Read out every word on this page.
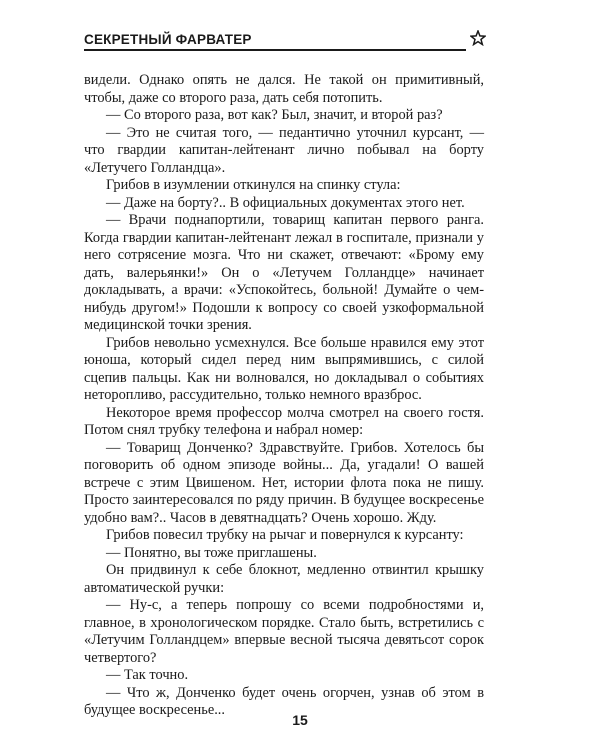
СЕКРЕТНЫЙ ФАРВАТЕР

видели. Однако опять не дался. Не такой он примитивный, чтобы, даже со второго раза, дать себя потопить.

— Со второго раза, вот как? Был, значит, и второй раз?

— Это не считая того, — педантично уточнил курсант, — что гвардии капитан-лейтенант лично побывал на борту «Летучего Голландца».

Грибов в изумлении откинулся на спинку стула:

— Даже на борту?.. В официальных документах этого нет.

— Врачи поднапортили, товарищ капитан первого ранга. Когда гвардии капитан-лейтенант лежал в госпитале, признали у него сотрясение мозга. Что ни скажет, отвечают: «Брому ему дать, валерьянки!» Он о «Летучем Голландце» начинает докладывать, а врачи: «Успокойтесь, больной! Думайте о чем-нибудь другом!» Подошли к вопросу со своей узкоформальной медицинской точки зрения.

Грибов невольно усмехнулся. Все больше нравился ему этот юноша, который сидел перед ним выпрямившись, с силой сцепив пальцы. Как ни волновался, но докладывал о событиях неторопливо, рассудительно, только немного вразброс.

Некоторое время профессор молча смотрел на своего гостя. Потом снял трубку телефона и набрал номер:

— Товарищ Донченко? Здравствуйте. Грибов. Хотелось бы поговорить об одном эпизоде войны... Да, угадали! О вашей встрече с этим Цвишеном. Нет, истории флота пока не пишу. Просто заинтересовался по ряду причин. В будущее воскресенье удобно вам?.. Часов в девятнадцать? Очень хорошо. Жду.

Грибов повесил трубку на рычаг и повернулся к курсанту:

— Понятно, вы тоже приглашены.

Он придвинул к себе блокнот, медленно отвинтил крышку автоматической ручки:

— Ну-с, а теперь попрошу со всеми подробностями и, главное, в хронологическом порядке. Стало быть, встретились с «Летучим Голландцем» впервые весной тысяча девятьсот сорок четвертого?

— Так точно.

— Что ж, Донченко будет очень огорчен, узнав об этом в будущее воскресенье...

15
